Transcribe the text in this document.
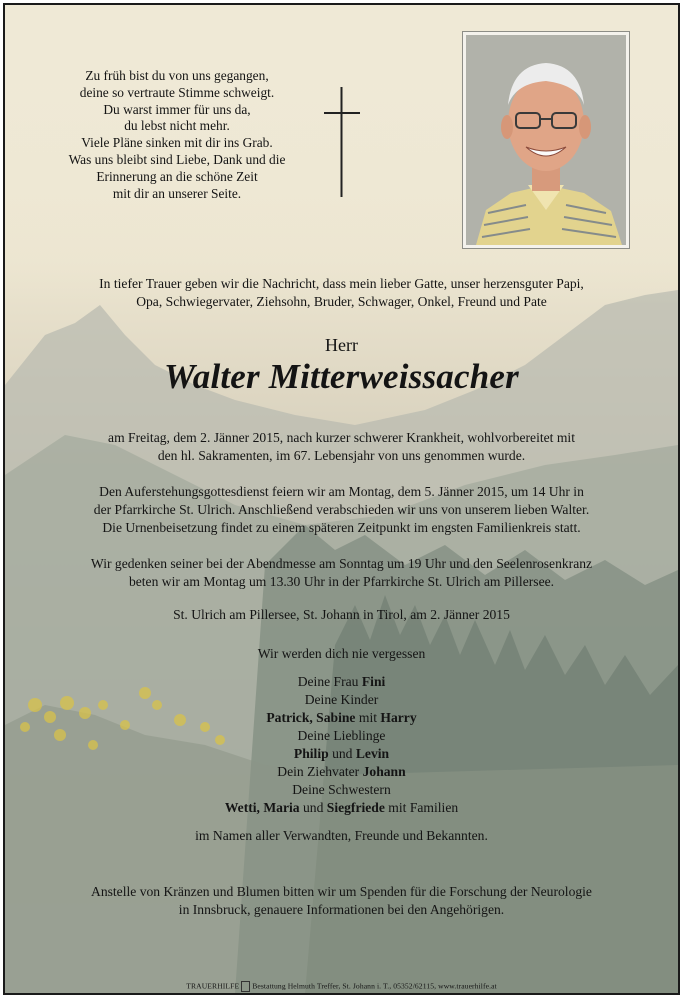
Zu früh bist du von uns gegangen,
deine so vertraute Stimme schweigt.
Du warst immer für uns da,
du lebst nicht mehr.
Viele Pläne sinken mit dir ins Grab.
Was uns bleibt sind Liebe, Dank und die
Erinnerung an die schöne Zeit
mit dir an unserer Seite.
In tiefer Trauer geben wir die Nachricht, dass mein lieber Gatte, unser herzensguter Papi,
Opa, Schwiegervater, Ziehsohn, Bruder, Schwager, Onkel, Freund und Pate
Herr
Walter Mitterweissacher
am Freitag, dem 2. Jänner 2015, nach kurzer schwerer Krankheit, wohlvorbereitet mit
den hl. Sakramenten, im 67. Lebensjahr von uns genommen wurde.
Den Auferstehungsgottesdienst feiern wir am Montag, dem 5. Jänner 2015, um 14 Uhr in
der Pfarrkirche St. Ulrich. Anschließend verabschieden wir uns von unserem lieben Walter.
Die Urnenbeisetzung findet zu einem späteren Zeitpunkt im engsten Familienkreis statt.
Wir gedenken seiner bei der Abendmesse am Sonntag um 19 Uhr und den Seelenrosenkranz
beten wir am Montag um 13.30 Uhr in der Pfarrkirche St. Ulrich am Pillersee.
St. Ulrich am Pillersee, St. Johann in Tirol, am 2. Jänner 2015
Wir werden dich nie vergessen
Deine Frau Fini
Deine Kinder
Patrick, Sabine mit Harry
Deine Lieblinge
Philip und Levin
Dein Ziehvater Johann
Deine Schwestern
Wetti, Maria und Siegfriede mit Familien
im Namen aller Verwandten, Freunde und Bekannten.
Anstelle von Kränzen und Blumen bitten wir um Spenden für die Forschung der Neurologie
in Innsbruck, genauere Informationen bei den Angehörigen.
TRAUERHILFE Bestattung Helmuth Treffer, St. Johann i. T., 05352/62115, www.trauerhilfe.at
